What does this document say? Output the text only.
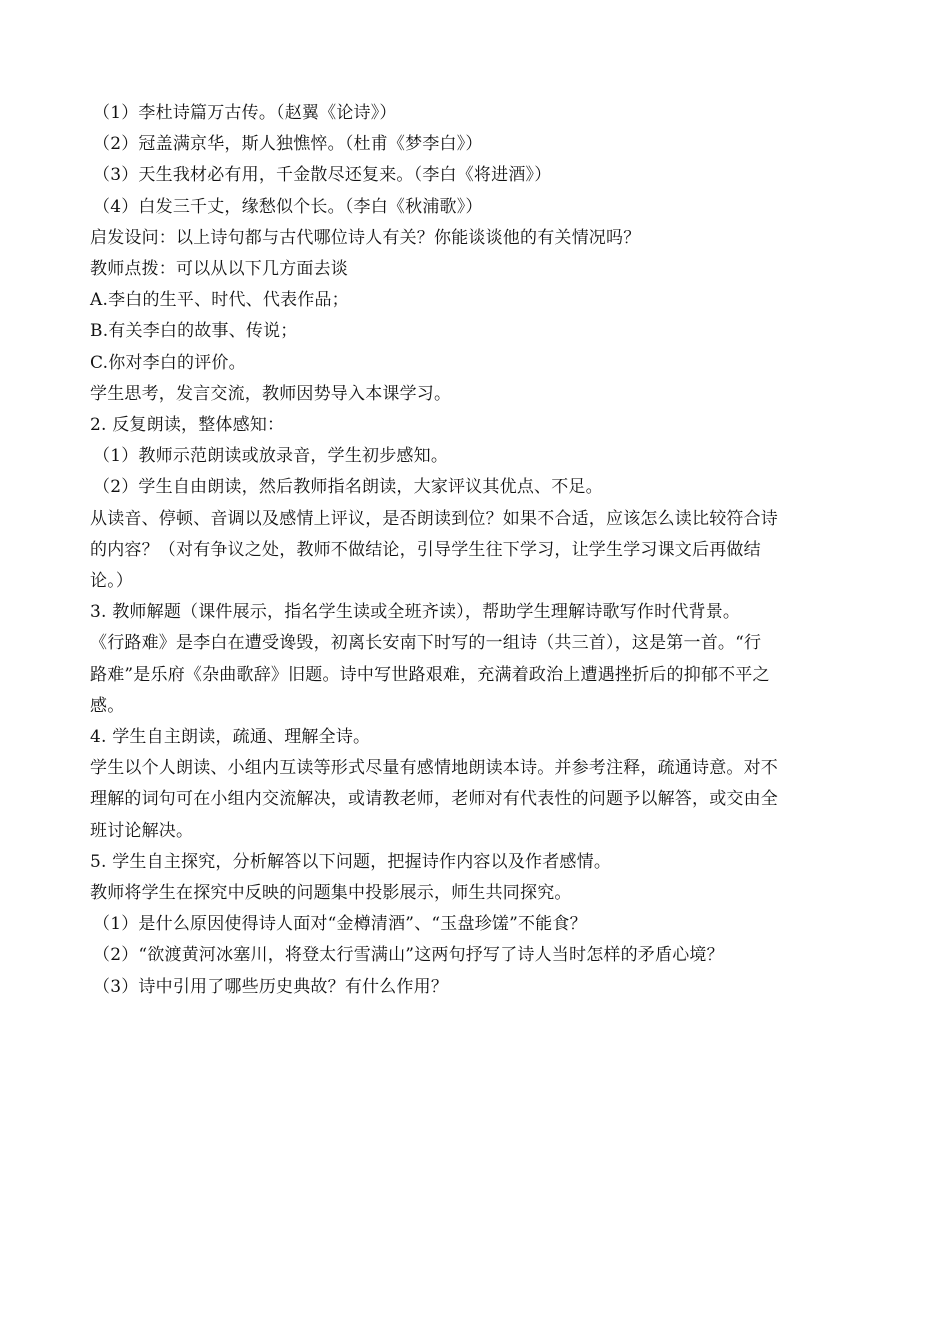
（1）李杜诗篇万古传。（赵翼《论诗》）
（2）冠盖满京华，斯人独憔悴。（杜甫《梦李白》）
（3）天生我材必有用，千金散尽还复来。（李白《将进酒》）
（4）白发三千丈，缘愁似个长。（李白《秋浦歌》）
启发设问：以上诗句都与古代哪位诗人有关？你能谈谈他的有关情况吗？
教师点拨：可以从以下几方面去谈
A.李白的生平、时代、代表作品；
B.有关李白的故事、传说；
C.你对李白的评价。
学生思考，发言交流，教师因势导入本课学习。
2. 反复朗读，整体感知：
（1）教师示范朗读或放录音，学生初步感知。
（2）学生自由朗读，然后教师指名朗读，大家评议其优点、不足。
从读音、停顿、音调以及感情上评议，是否朗读到位？如果不合适，应该怎么读比较符合诗
的内容？（对有争议之处，教师不做结论，引导学生往下学习，让学生学习课文后再做结
论。）
3. 教师解题（课件展示，指名学生读或全班齐读），帮助学生理解诗歌写作时代背景。
《行路难》是李白在遭受谗毁，初离长安南下时写的一组诗（共三首），这是第一首。“行
路难”是乐府《杂曲歌辞》旧题。诗中写世路艰难，充满着政治上遭遇挫折后的抑郁不平之
感。
4. 学生自主朗读，疏通、理解全诗。
学生以个人朗读、小组内互读等形式尽量有感情地朗读本诗。并参考注释，疏通诗意。对不
理解的词句可在小组内交流解决，或请教老师，老师对有代表性的问题予以解答，或交由全
班讨论解决。
5. 学生自主探究，分析解答以下问题，把握诗作内容以及作者感情。
教师将学生在探究中反映的问题集中投影展示，师生共同探究。
（1）是什么原因使得诗人面对“金樽清酒”、“玉盘珍馐”不能食？
（2）“欲渡黄河冰塞川，将登太行雪满山”这两句抒写了诗人当时怎样的矛盾心境？
（3）诗中引用了哪些历史典故？有什么作用？
